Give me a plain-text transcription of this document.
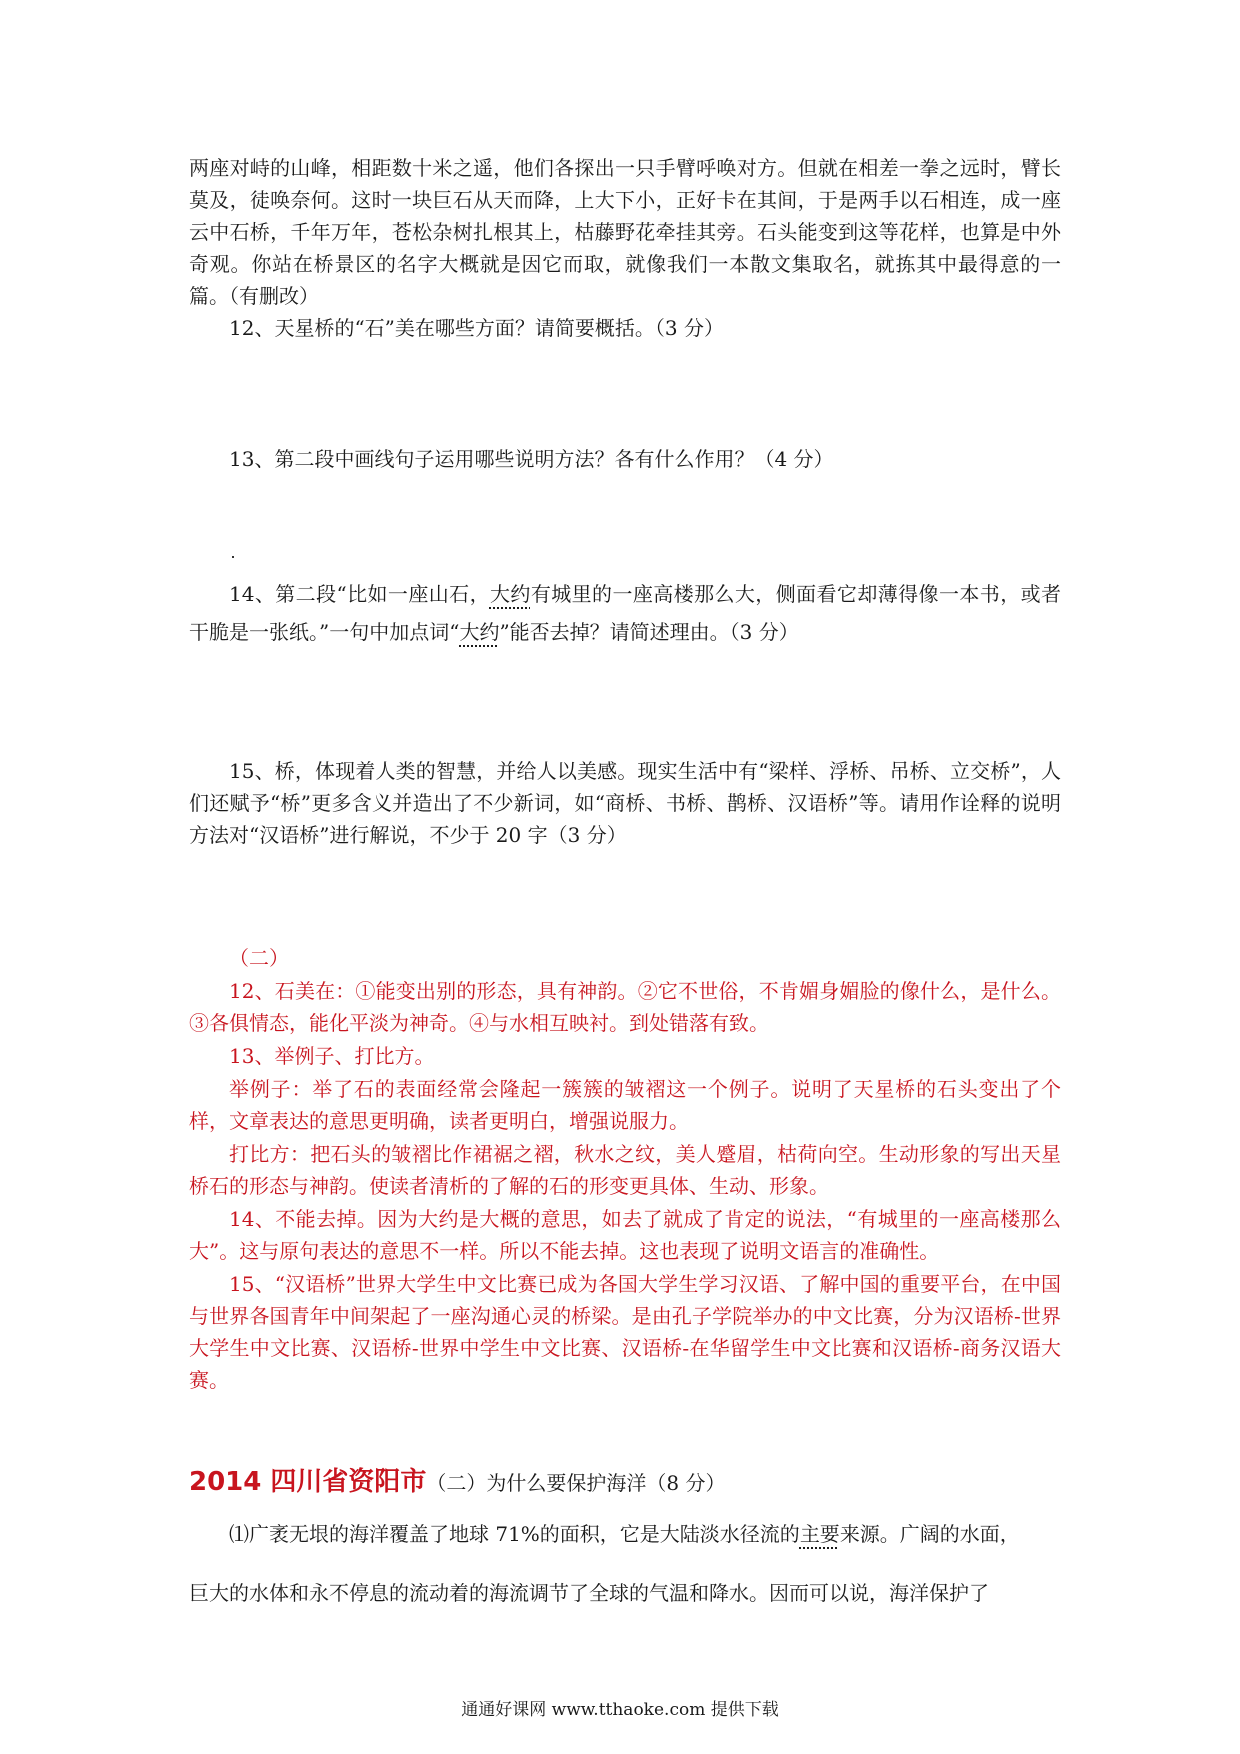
两座对峙的山峰，相距数十米之遥，他们各探出一只手臂呼唤对方。但就在相差一拳之远时，臂长莫及，徒唤奈何。这时一块巨石从天而降，上大下小，正好卡在其间，于是两手以石相连，成一座云中石桥，千年万年，苍松杂树扎根其上，枯藤野花牵挂其旁。石头能变到这等花样，也算是中外奇观。你站在桥景区的名字大概就是因它而取，就像我们一本散文集取名，就拣其中最得意的一篇。（有删改）

12、天星桥的“石”美在哪些方面？请简要概括。（3 分）

13、第二段中画线句子运用哪些说明方法？各有什么作用？（4 分）

14、第二段“比如一座山石，大约有城里的一座高楼那么大，侧面看它却薄得像一本书，或者干脆是一张纸。”一句中加点词“大约”能否去掉？请简述理由。（3 分）

15、桥，体现着人类的智慧，并给人以美感。现实生活中有“梁样、浮桥、吊桥、立交桥”，人们还赋予“桥”更多含义并造出了不少新词，如“商桥、书桥、鹊桥、汉语桥”等。请用作诠释的说明方法对“汉语桥”进行解说，不少于 20 字（3 分）

（二）

12、石美在：①能变出别的形态，具有神韵。②它不世俗，不肯媚身媚脸的像什么，是什么。③各俱情态，能化平淡为神奇。④与水相互映衬。到处错落有致。

13、举例子、打比方。

举例子：举了石的表面经常会隆起一簇簇的皱褶这一个例子。说明了天星桥的石头变出了个样，文章表达的意思更明确，读者更明白，增强说服力。

打比方：把石头的皱褶比作裙裾之褶，秋水之纹，美人蹙眉，枯荷向空。生动形象的写出天星桥石的形态与神韵。使读者清析的了解的石的形变更具体、生动、形象。

14、不能去掉。因为大约是大概的意思，如去了就成了肯定的说法，“有城里的一座高楼那么大”。这与原句表达的意思不一样。所以不能去掉。这也表现了说明文语言的准确性。

15、“汉语桥”世界大学生中文比赛已成为各国大学生学习汉语、了解中国的重要平台，在中国与世界各国青年中间架起了一座沟通心灵的桥梁。是由孔子学院举办的中文比赛，分为汉语桥-世界大学生中文比赛、汉语桥-世界中学生中文比赛、汉语桥-在华留学生中文比赛和汉语桥-商务汉语大赛。

2014 四川省资阳市（二）为什么要保护海洋（8 分）

⑴广袤无垠的海洋覆盖了地球 71%的面积，它是大陆淡水径流的主要来源。广阔的水面，

巨大的水体和永不停息的流动着的海流调节了全球的气温和降水。因而可以说，海洋保护了

通通好课网 www.tthaoke.com 提供下载
